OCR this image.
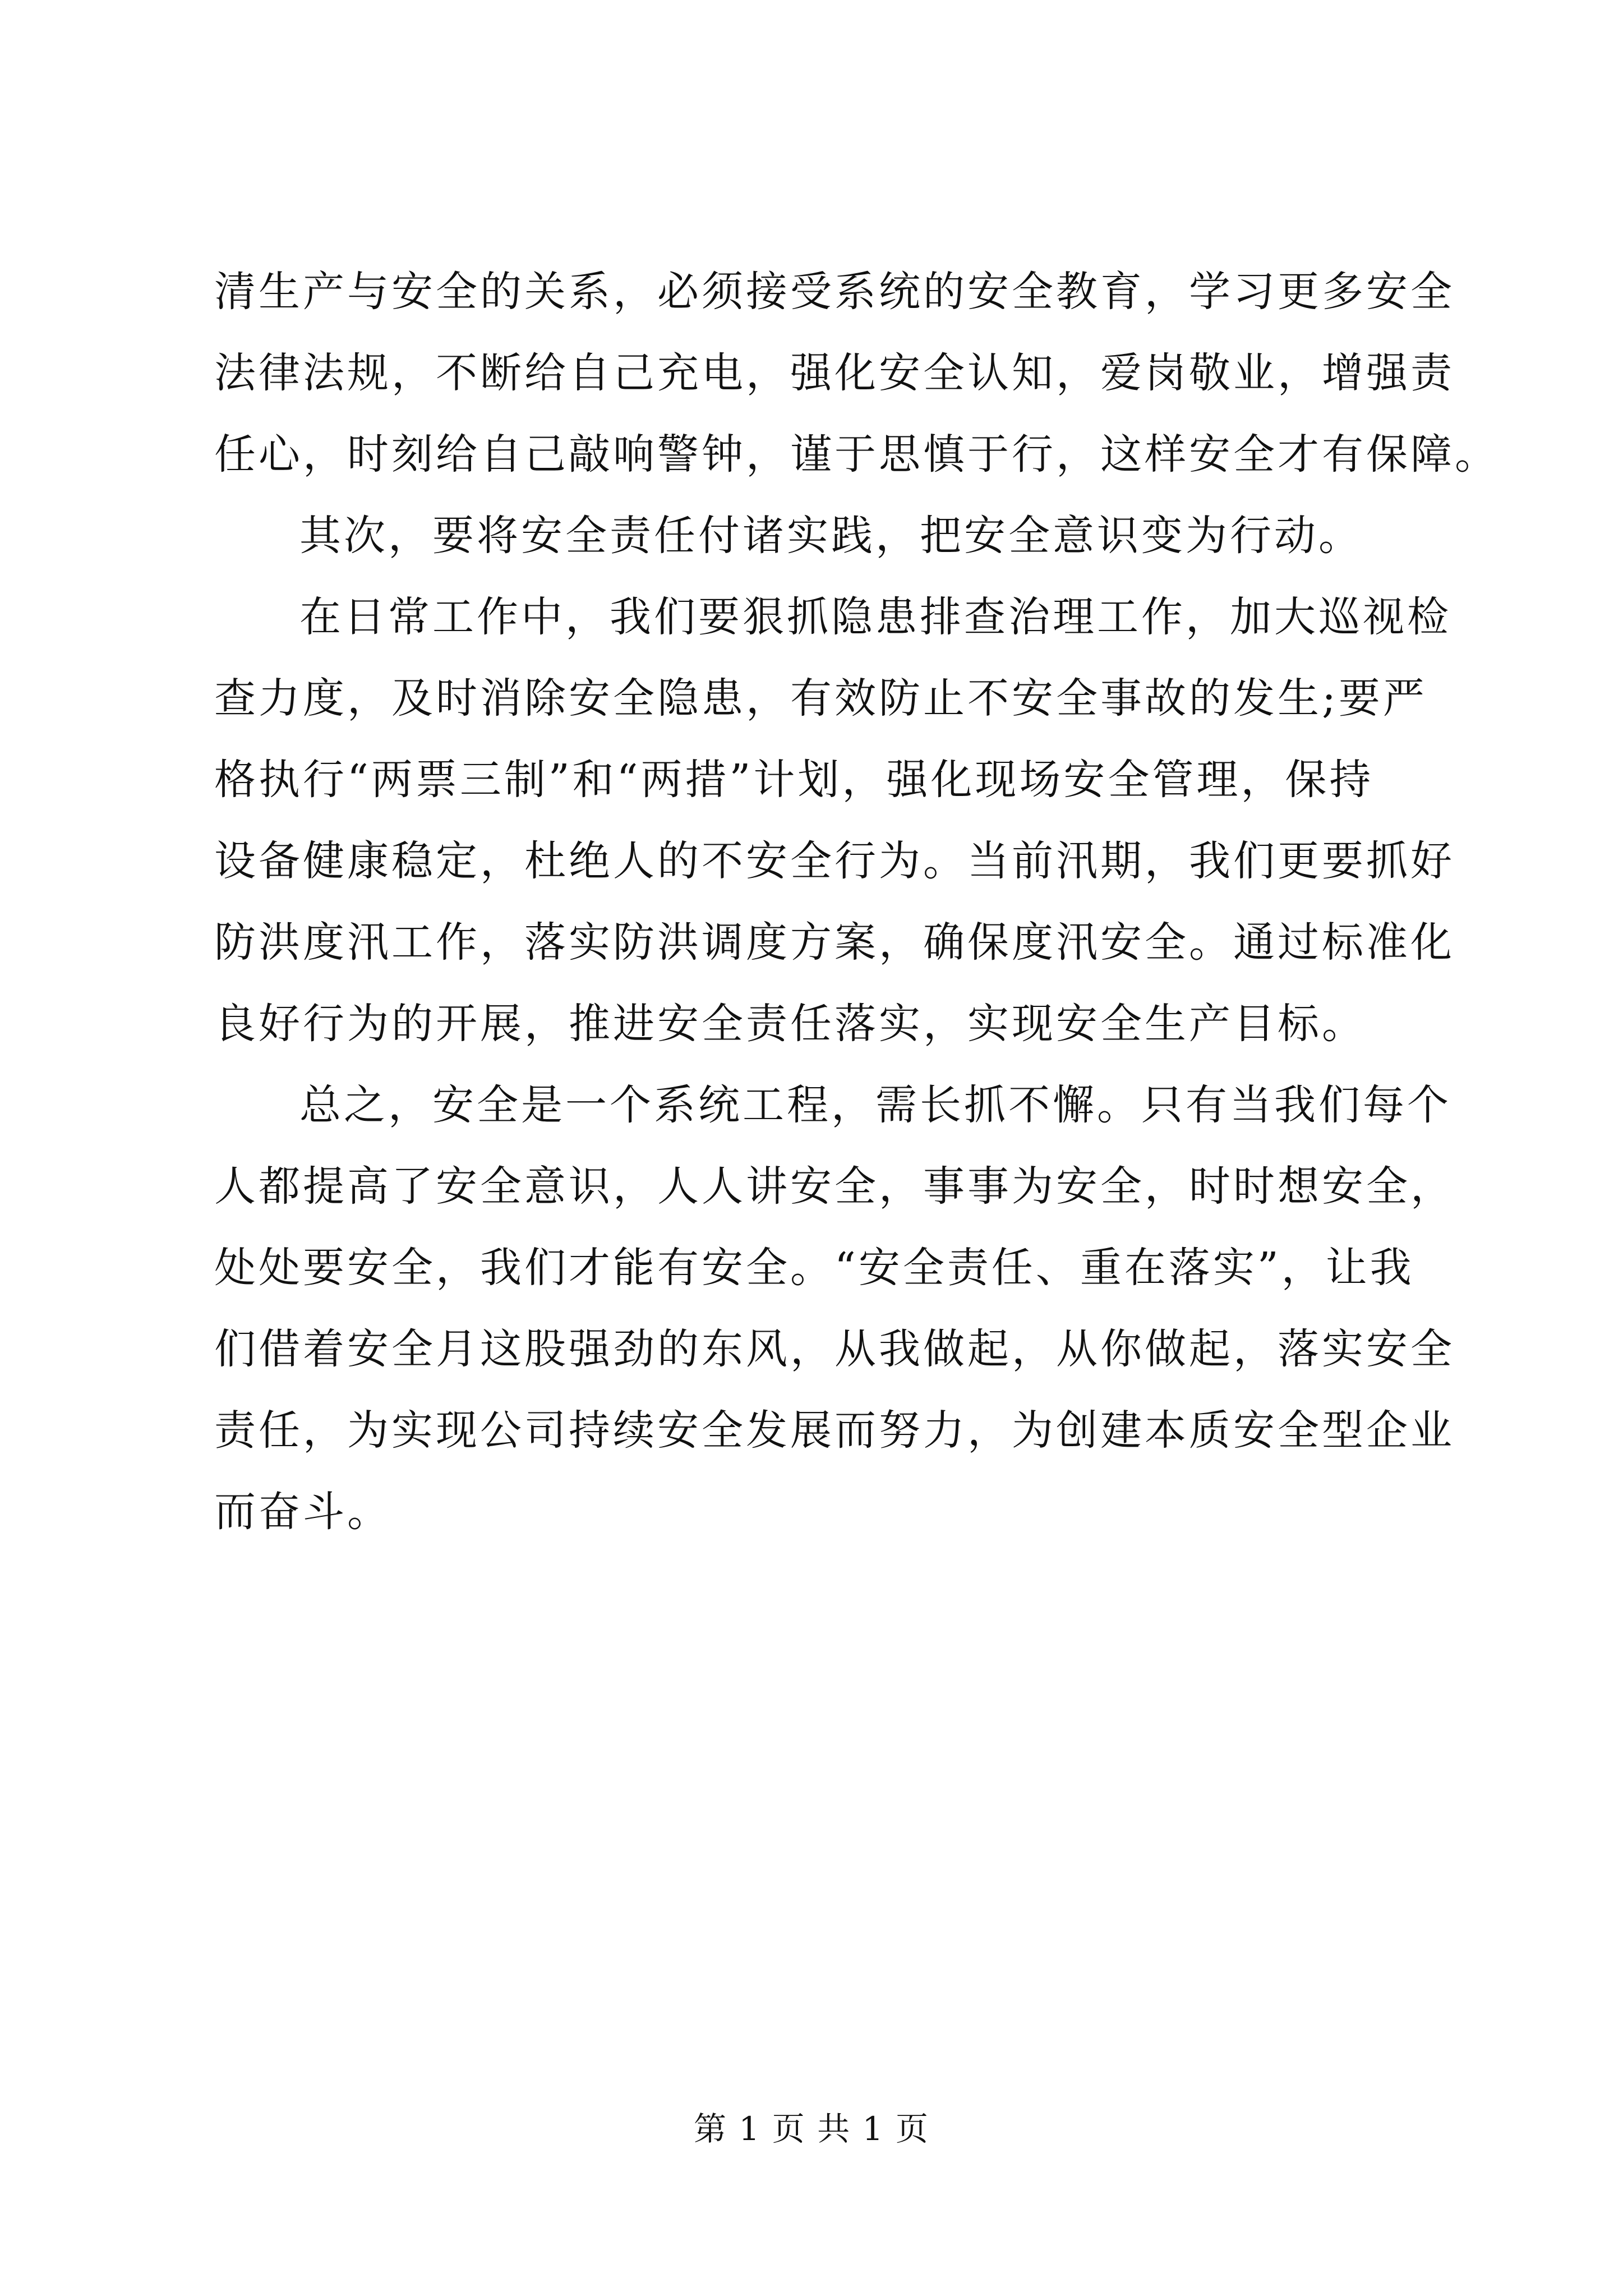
清生产与安全的关系，必须接受系统的安全教育，学习更多安全
法律法规，不断给自己充电，强化安全认知，爱岗敬业，增强责
任心，时刻给自己敲响警钟，谨于思慎于行，这样安全才有保障。
其次，要将安全责任付诸实践，把安全意识变为行动。
在日常工作中，我们要狠抓隐患排查治理工作，加大巡视检
查力度，及时消除安全隐患，有效防止不安全事故的发生;要严
格执行“两票三制”和“两措”计划，强化现场安全管理，保持
设备健康稳定，杜绝人的不安全行为。当前汛期，我们更要抓好
防洪度汛工作，落实防洪调度方案，确保度汛安全。通过标准化
良好行为的开展，推进安全责任落实，实现安全生产目标。
总之，安全是一个系统工程，需长抓不懈。只有当我们每个
人都提高了安全意识，人人讲安全，事事为安全，时时想安全，
处处要安全，我们才能有安全。“安全责任、重在落实”，让我
们借着安全月这股强劲的东风，从我做起，从你做起，落实安全
责任，为实现公司持续安全发展而努力，为创建本质安全型企业
而奋斗。
第 1 页 共 1 页
